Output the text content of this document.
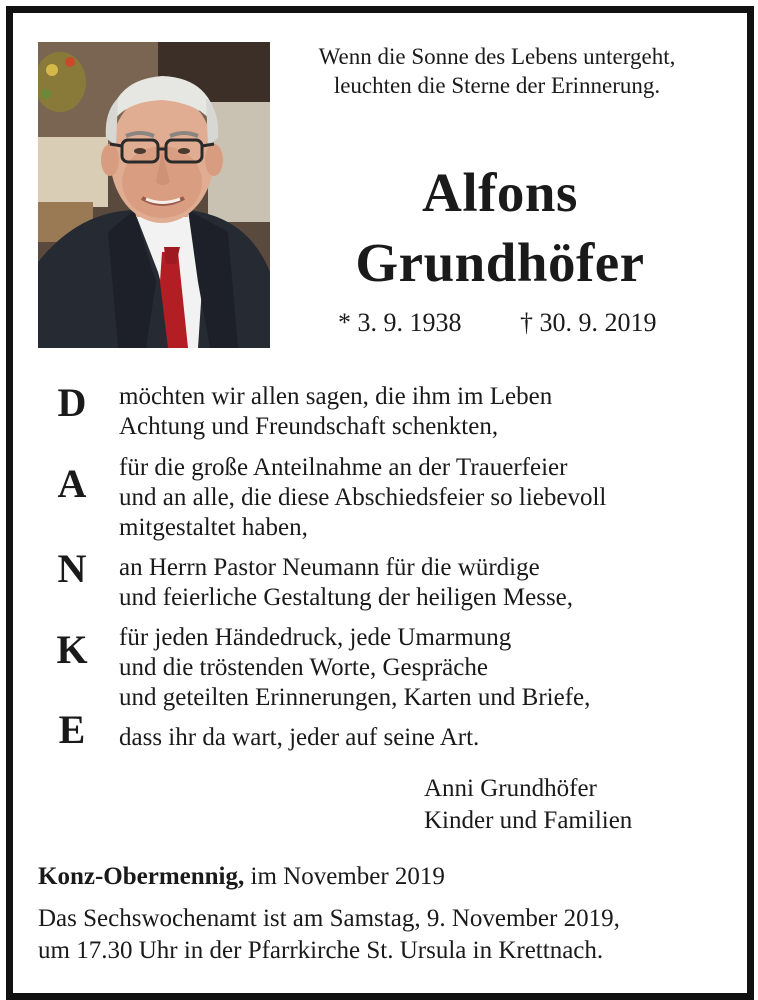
Wenn die Sonne des Lebens untergeht,
leuchten die Sterne der Erinnerung.
Alfons
Grundhöfer
* 3. 9. 1938 † 30. 9. 2019
D
A
N
K
E
möchten wir allen sagen, die ihm im Leben
Achtung und Freundschaft schenkten,
für die große Anteilnahme an der Trauerfeier
und an alle, die diese Abschiedsfeier so liebevoll
mitgestaltet haben,
an Herrn Pastor Neumann für die würdige
und feierliche Gestaltung der heiligen Messe,
für jeden Händedruck, jede Umarmung
und die tröstenden Worte, Gespräche
und geteilten Erinnerungen, Karten und Briefe,
dass ihr da wart, jeder auf seine Art.
Anni Grundhöfer
Kinder und Familien
Konz-Obermennig, im November 2019
Das Sechswochenamt ist am Samstag, 9. November 2019,
um 17.30 Uhr in der Pfarrkirche St. Ursula in Krettnach.
